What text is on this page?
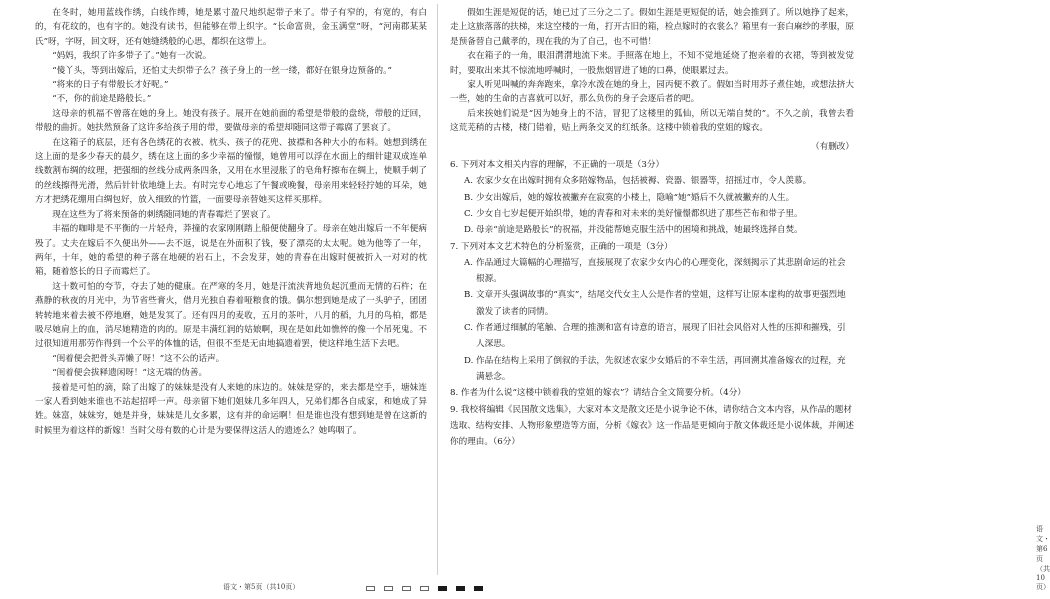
在冬时，她用蓝线作绣，白线作缚，她是累寸盈尺地织起带子来了。带子有窄的，有宽的，有白的，有花纹的，也有字的。她没有读书，但能够在带上织字。“长命富贵，金玉满堂”呀，“河南郡某某氏”呀，字呀，回文呀，还有她缝绣般的心思，都织在这带上。

“妈妈，我织了许多带子了。”她有一次说。

“傻丫头，等到出嫁后，还怕丈夫织带子么？孩子身上的一丝一缕，都好在银身边预备的。”

“将来的日子有带般长才好呢。”

“不，你的前途是路般长。”

这母亲的机福不曾落在她的身上。她没有孩子。展开在她前面的希望是带般的盘绕，带般的迂回，带般的曲折。她扶然预备了这许多给孩子用的带，要做母亲的希望却随同这带子霉腐了罢哀了。

在这箱子的底层，还有各色绣花的衣被、枕头、孩子的花兜、披襟和各种大小的布料。她想到绣在这上面的是多少春天的晨夕，绣在这上面的多少幸福的憧憬，她曾用可以浮在水面上的细针建双成连单线数割布绸的纹理，把强细的丝线分成两条四条，又用在水里浸胀了的皂角籽擦布在绸上，使顺手刺了的丝线擦得光滑，然后针针依地缝上去。有时完专心地忘了午餐或晚餐，母亲用来轻轻拧她的耳朵，她方才把绣花绷用白绸包好，放入细致的竹篮，一面要母亲替她买这样买那样。

现在这些为了将来预备的刺绣随同她的青春霉烂了罢哀了。

丰福的咖啡是不平衡的一片轻舟，莽撞的农家刚刚踏上船便使翻身了。母亲在她出嫁后一不年便病殁了。丈夫在嫁后不久便出外——去不返，说是在外面积了钱，娶了漂亮的太太呢。她为他等了一年，两年，十年，她的希望的种子落在地硬的岩石上，不会发芽，她的青春在出嫁时便被折入一对对的枕箱，随着悠长的日子而霉烂了。

这十数可怕的夸节，夺去了她的健康。在严寒的冬月，她是汗流浃背地负起沉重而无情的石杵；在燕静的秋夜的月光中，为节省些膏火，借月光独自舂着哑粮食的饿。偶尔想到她是成了一头驴子，团团转转地来着去被不停地磨，她是发冥了。还有四月的麦收，五月的茶叶，八月的稻，九月的鸟柏，都是吸尽她肩上的血，消尽她精造的肉的。原是丰满红润的姑娘啊，现在是如此如憔悴的像一个吊死鬼。不过很知道用那劳作得到一个公平的体恤的话，但很不至是无由地搞遗着罢，使这样地生活下去吧。

“闺着便会把骨头弄懒了呀！”这不公的话声。

“闺着便会拔释遗闲呀！”这无端的伪善。

接着是可怕的滴，除了出嫁了的妹妹是没有人来她的床边的。妹妹是穿的，来去都是空手，塘妹连一家人看到她来谁也不站起招呼一声。母亲留下她们姐妹几多年四人，兄弟们都各自成家，和她成了异姓。妹富，妹妹穷，她是并身，妹妹是儿女多累，这有并的命运啊！但是谁也没有想到她是曾在这新的时候里为着这样的新嫁！当时父母有数的心计是为要保得这活人的遗迹么？她鸣咽了。

语文・第5页（共10页）

假如生涯是短促的话，她已过了三分之二了。假如生涯是更短促的话，她会推到了。所以她挣了起来，走上这旅落落的扶梯，来这空楼的一角，打开古旧的箱，检点嫁时的衣裳么？箱里有一套白麻纱的孝服，原是预备替自己戴孝的，现在我的为了自己，也不可惜！

衣在箱子的一角，眼泪潸潸地流下来。手照落在地上，不知不觉地延烧了抱亲着的衣裙，等到被发觉时，要取出来其不惊流地呼喊时，一股焦烟冒进了她的口鼻，使眼累过去。

家人听见叫喊的奔奔跑来，拿冷水泼在她的身上，园丙便不救了。假如当时用苏子煮住她，或想法挤大一些，她的生命的吉喜就可以好，那么负伤的身子会逐后者的吧。

后来挨她们说是“因为她身上的不洁，冒犯了这楼里的狐仙，所以无端自焚的”。不久之前，我曾去看这荒芜稍的古楼，楼门错着，贴上两条交叉的红纸条。这楼中锁着我的堂姐的嫁衣。

（有删改）
6. 下列对本文相关内容的理解，不正确的一项是（3分）
A. 农家少女在出嫁时拥有众多陪嫁物品，包括被褥、瓷器、银器等，招摇过市，令人羡慕。
B. 少女出嫁后，她的嫁妆被撇弃在寂寞的小楼上，隐喻“她”婚后不久就被撇弃的人生。
C. 少女自七岁起便开始织带，她的青春和对未来的美好憧憬都织进了那些芒布和带子里。
D. 母亲“前途是路般长”的祝福，并没能帮她克服生活中的困境和挑战，她最终选择自焚。
7. 下列对本文艺术特色的分析鉴赏，正确的一项是（3分）
A. 作品通过大篇幅的心理描写，直接展现了农家少女内心的心理变化，深刻揭示了其悲剧命运的社会根源。
B. 文章开头强调故事的“真实”，结尾交代女主人公是作者的堂姐，这样写让原本虚构的故事更强烈地激发了读者的同情。
C. 作者通过细腻的笔触、合理的推测和富有诗意的语言，展现了旧社会风俗对人性的压抑和摧残，引人深思。
D. 作品在结构上采用了倒叙的手法，先叙述农家少女婚后的不幸生活，再回溯其准备嫁衣的过程，充满悬念。
8. 作者为什么说“这楼中锁着我的堂姐的嫁衣”？请结合全文简要分析。（4分）
9. 我校将编辑《民国散文选集》，大家对本文是散文还是小说争论不休，请你结合文本内容，从作品的题材选取、结构安排、人物形象塑造等方面，分析《嫁衣》这一作品是更倾向于散文体裁还是小说体裁，并阐述你的理由。（6分）
语文・第6页（共10页）
